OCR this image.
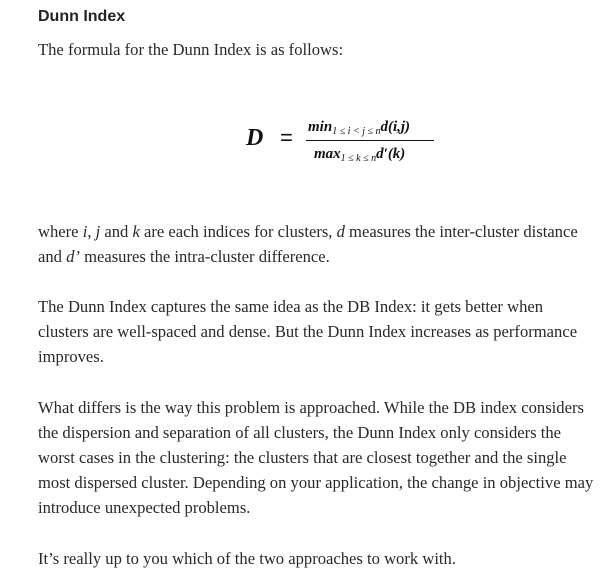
Dunn Index

The formula for the Dunn Index is as follows:

D = min1 ≤ i < j ≤ nd(i,j)
max1 ≤ k ≤ nd′(k)

where i, j and k are each indices for clusters, d measures the inter-cluster distance and d’ measures the intra-cluster difference.

The Dunn Index captures the same idea as the DB Index: it gets better when clusters are well-spaced and dense. But the Dunn Index increases as performance improves.

What differs is the way this problem is approached. While the DB index considers the dispersion and separation of all clusters, the Dunn Index only considers the worst cases in the clustering: the clusters that are closest together and the single most dispersed cluster. Depending on your application, the change in objective may introduce unexpected problems.

It’s really up to you which of the two approaches to work with.
